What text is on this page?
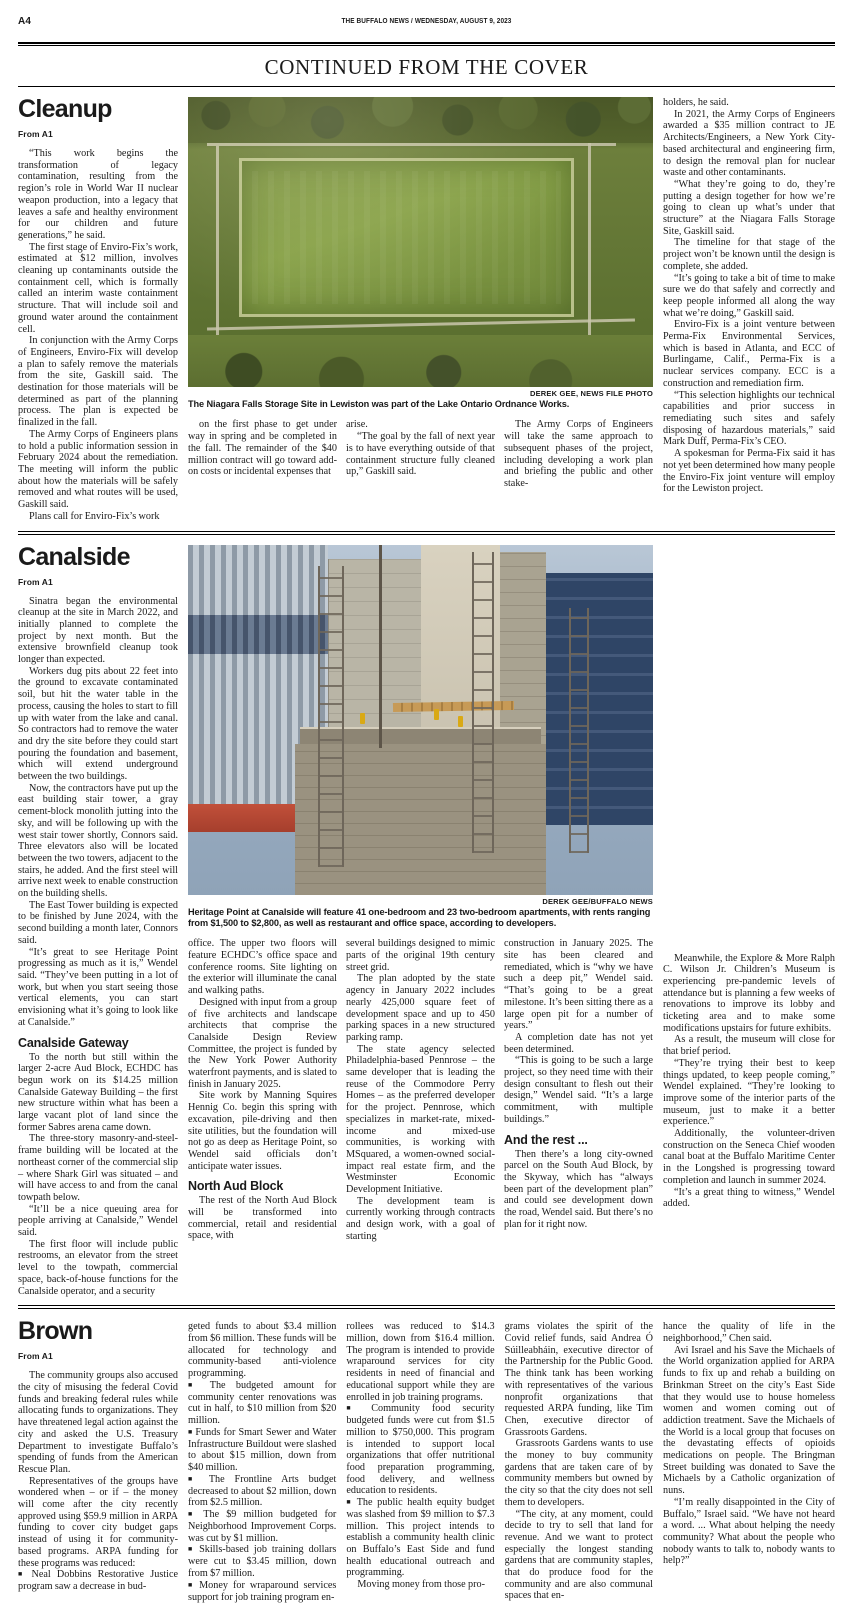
A4	THE BUFFALO NEWS / WEDNESDAY, AUGUST 9, 2023
CONTINUED FROM THE COVER
Cleanup
From A1

“This work begins the transformation of legacy contamination, resulting from the region’s role in World War II nuclear weapon production, into a legacy that leaves a safe and healthy environment for our children and future generations,” he said.

The first stage of Enviro-Fix’s work, estimated at $12 million, involves cleaning up contaminants outside the containment cell, which is formally called an interim waste containment structure. That will include soil and ground water around the containment cell.

In conjunction with the Army Corps of Engineers, Enviro-Fix will develop a plan to safely remove the materials from the site, Gaskill said. The destination for those materials will be determined as part of the planning process. The plan is expected be finalized in the fall.

The Army Corps of Engineers plans to hold a public information session in February 2024 about the remediation. The meeting will inform the public about how the materials will be safely removed and what routes will be used, Gaskill said.

Plans call for Enviro-Fix’s work

DEREK GEE, NEWS FILE PHOTO
The Niagara Falls Storage Site in Lewiston was part of the Lake Ontario Ordnance Works.

on the first phase to get under way in spring and be completed in the fall. The remainder of the $40 million contract will go toward add-on costs or incidental expenses that

arise.

“The goal by the fall of next year is to have everything outside of that containment structure fully cleaned up,” Gaskill said.

The Army Corps of Engineers will take the same approach to subsequent phases of the project, including developing a work plan and briefing the public and other stake-

holders, he said.

In 2021, the Army Corps of Engineers awarded a $35 million contract to JE Architects/Engineers, a New York City-based architectural and engineering firm, to design the removal plan for nuclear waste and other contaminants.

“What they’re going to do, they’re putting a design together for how we’re going to clean up what’s under that structure” at the Niagara Falls Storage Site, Gaskill said.

The timeline for that stage of the project won’t be known until the design is complete, she added.

“It’s going to take a bit of time to make sure we do that safely and correctly and keep people informed all along the way what we’re doing,” Gaskill said.

Enviro-Fix is a joint venture between Perma-Fix Environmental Services, which is based in Atlanta, and ECC of Burlingame, Calif., Perma-Fix is a nuclear services company. ECC is a construction and remediation firm.

“This selection highlights our technical capabilities and prior success in remediating such sites and safely disposing of hazardous materials,” said Mark Duff, Perma-Fix’s CEO.

A spokesman for Perma-Fix said it has not yet been determined how many people the Enviro-Fix joint venture will employ for the Lewiston project.

Canalside
From A1

Sinatra began the environmental cleanup at the site in March 2022, and initially planned to complete the project by next month. But the extensive brownfield cleanup took longer than expected.

Workers dug pits about 22 feet into the ground to excavate contaminated soil, but hit the water table in the process, causing the holes to start to fill up with water from the lake and canal. So contractors had to remove the water and dry the site before they could start pouring the foundation and basement, which will extend underground between the two buildings.

Now, the contractors have put up the east building stair tower, a gray cement-block monolith jutting into the sky, and will be following up with the west stair tower shortly, Connors said. Three elevators also will be located between the two towers, adjacent to the stairs, he added. And the first steel will arrive next week to enable construction on the building shells.

The East Tower building is expected to be finished by June 2024, with the second building a month later, Connors said.

“It’s great to see Heritage Point progressing as much as it is,” Wendel said. “They’ve been putting in a lot of work, but when you start seeing those vertical elements, you can start envisioning what it’s going to look like at Canalside.”

Canalside Gateway

To the north but still within the larger 2-acre Aud Block, ECHDC has begun work on its $14.25 million Canalside Gateway Building – the first new structure within what has been a large vacant plot of land since the former Sabres arena came down.

The three-story masonry-and-steel-frame building will be located at the northeast corner of the commercial slip – where Shark Girl was situated – and will have access to and from the canal towpath below.

“It’ll be a nice queuing area for people arriving at Canalside,” Wendel said.

The first floor will include public restrooms, an elevator from the street level to the towpath, commercial space, back-of-house functions for the Canalside operator, and a security

DEREK GEE/BUFFALO NEWS
Heritage Point at Canalside will feature 41 one-bedroom and 23 two-bedroom apartments, with rents ranging from $1,500 to $2,800, as well as restaurant and office space, according to developers.

office. The upper two floors will feature ECHDC’s office space and conference rooms. Site lighting on the exterior will illuminate the canal and walking paths.

Designed with input from a group of five architects and landscape architects that comprise the Canalside Design Review Committee, the project is funded by the New York Power Authority waterfront payments, and is slated to finish in January 2025.

Site work by Manning Squires Hennig Co. begin this spring with excavation, pile-driving and then site utilities, but the foundation will not go as deep as Heritage Point, so Wendel said officials don’t anticipate water issues.

North Aud Block

The rest of the North Aud Block will be transformed into commercial, retail and residential space, with

several buildings designed to mimic parts of the original 19th century street grid.

The plan adopted by the state agency in January 2022 includes nearly 425,000 square feet of development space and up to 450 parking spaces in a new structured parking ramp.

The state agency selected Philadelphia-based Pennrose – the same developer that is leading the reuse of the Commodore Perry Homes – as the preferred developer for the project. Pennrose, which specializes in market-rate, mixed-income and mixed-use communities, is working with MSquared, a women-owned social-impact real estate firm, and the Westminster Economic Development Initiative.

The development team is currently working through contracts and design work, with a goal of starting

construction in January 2025. The site has been cleared and remediated, which is “why we have such a deep pit,” Wendel said. “That’s going to be a great milestone. It’s been sitting there as a large open pit for a number of years.”

A completion date has not yet been determined.

“This is going to be such a large project, so they need time with their design consultant to flesh out their design,” Wendel said. “It’s a large commitment, with multiple buildings.”

And the rest ...

Then there’s a long city-owned parcel on the South Aud Block, by the Skyway, which has “always been part of the development plan” and could see development down the road, Wendel said. But there’s no plan for it right now.

Meanwhile, the Explore & More Ralph C. Wilson Jr. Children’s Museum is experiencing pre-pandemic levels of attendance but is planning a few weeks of renovations to improve its lobby and ticketing area and to make some modifications upstairs for future exhibits.

As a result, the museum will close for that brief period.

“They’re trying their best to keep things updated, to keep people coming,” Wendel explained. “They’re looking to improve some of the interior parts of the museum, just to make it a better experience.”

Additionally, the volunteer-driven construction on the Seneca Chief wooden canal boat at the Buffalo Maritime Center in the Longshed is progressing toward completion and launch in summer 2024.

“It’s a great thing to witness,” Wendel added.

Brown
From A1

The community groups also accused the city of misusing the federal Covid funds and breaking federal rules while allocating funds to organizations. They have threatened legal action against the city and asked the U.S. Treasury Department to investigate Buffalo’s spending of funds from the American Rescue Plan.

Representatives of the groups have wondered when – or if – the money will come after the city recently approved using $59.9 million in ARPA funding to cover city budget gaps instead of using it for community-based programs. ARPA funding for these programs was reduced:

■ Neal Dobbins Restorative Justice program saw a decrease in bud-

geted funds to about $3.4 million from $6 million. These funds will be allocated for technology and community-based anti-violence programming.

■ The budgeted amount for community center renovations was cut in half, to $10 million from $20 million.

■ Funds for Smart Sewer and Water Infrastructure Buildout were slashed to about $15 million, down from $40 million.

■ The Frontline Arts budget decreased to about $2 million, down from $2.5 million.

■ The $9 million budgeted for Neighborhood Improvement Corps. was cut by $1 million.

■ Skills-based job training dollars were cut to $3.45 million, down from $7 million.

■ Money for wraparound services support for job training program en-

rollees was reduced to $14.3 million, down from $16.4 million. The program is intended to provide wraparound services for city residents in need of financial and educational support while they are enrolled in job training programs.

■ Community food security budgeted funds were cut from $1.5 million to $750,000. This program is intended to support local organizations that offer nutritional food preparation programming, food delivery, and wellness education to residents.

■ The public health equity budget was slashed from $9 million to $7.3 million. This project intends to establish a community health clinic on Buffalo’s East Side and fund health educational outreach and programming.

Moving money from those pro-

grams violates the spirit of the Covid relief funds, said Andrea Ó Súilleabháin, executive director of the Partnership for the Public Good. The think tank has been working with representatives of the various nonprofit organizations that requested ARPA funding, like Tim Chen, executive director of Grassroots Gardens.

Grassroots Gardens wants to use the money to buy community gardens that are taken care of by community members but owned by the city so that the city does not sell them to developers.

“The city, at any moment, could decide to try to sell that land for revenue. And we want to protect especially the longest standing gardens that are community staples, that do produce food for the community and are also communal spaces that en-

hance the quality of life in the neighborhood,” Chen said.

Avi Israel and his Save the Michaels of the World organization applied for ARPA funds to fix up and rehab a building on Brinkman Street on the city’s East Side that they would use to house homeless women and women coming out of addiction treatment. Save the Michaels of the World is a local group that focuses on the devastating effects of opioids medications on people. The Bringman Street building was donated to Save the Michaels by a Catholic organization of nuns.

“I’m really disappointed in the City of Buffalo,” Israel said. “We have not heard a word. ... What about helping the needy community? What about the people who nobody wants to talk to, nobody wants to help?”
